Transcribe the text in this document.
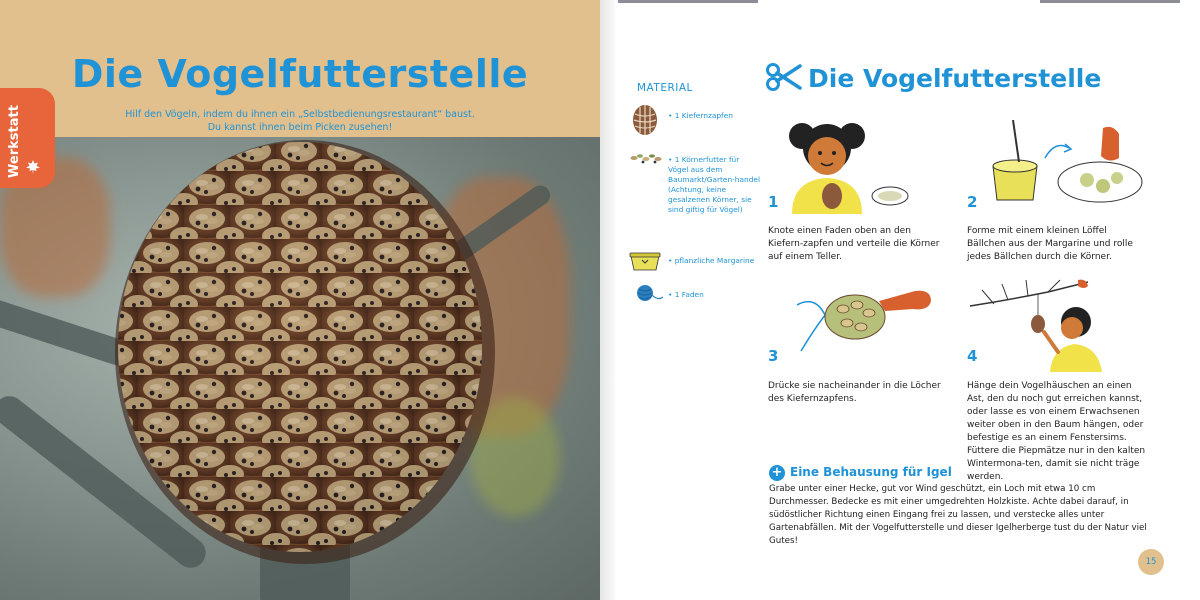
Die Vogelfutterstelle
Hilf den Vögeln, indem du ihnen ein „Selbstbedienungsrestaurant“ baust.
Du kannst ihnen beim Picken zusehen!
Werkstatt
Die Vogelfutterstelle
MATERIAL
• 1 Kiefernzapfen
• 1 Körnerfutter für Vögel aus dem Baumarkt/Garten-handel (Achtung, keine gesalzenen Körner, sie sind giftig für Vögel)
• pflanzliche Margarine
• 1 Faden
1
Knote einen Faden oben an den Kiefern-zapfen und verteile die Körner auf einem Teller.
2
Forme mit einem kleinen Löffel Bällchen aus der Margarine und rolle jedes Bällchen durch die Körner.
3
Drücke sie nacheinander in die Löcher des Kiefernzapfens.
4
Hänge dein Vogelhäuschen an einen Ast, den du noch gut erreichen kannst, oder lasse es von einem Erwachsenen weiter oben in den Baum hängen, oder befestige es an einem Fenstersims. Füttere die Piepmätze nur in den kalten Wintermona-ten, damit sie nicht träge werden.
+ Eine Behausung für Igel
Grabe unter einer Hecke, gut vor Wind geschützt, ein Loch mit etwa 10 cm Durchmesser. Bedecke es mit einer umgedrehten Holzkiste. Achte dabei darauf, in südöstlicher Richtung einen Eingang frei zu lassen, und verstecke alles unter Gartenabfällen. Mit der Vogelfutterstelle und dieser Igelherberge tust du der Natur viel Gutes!
15
